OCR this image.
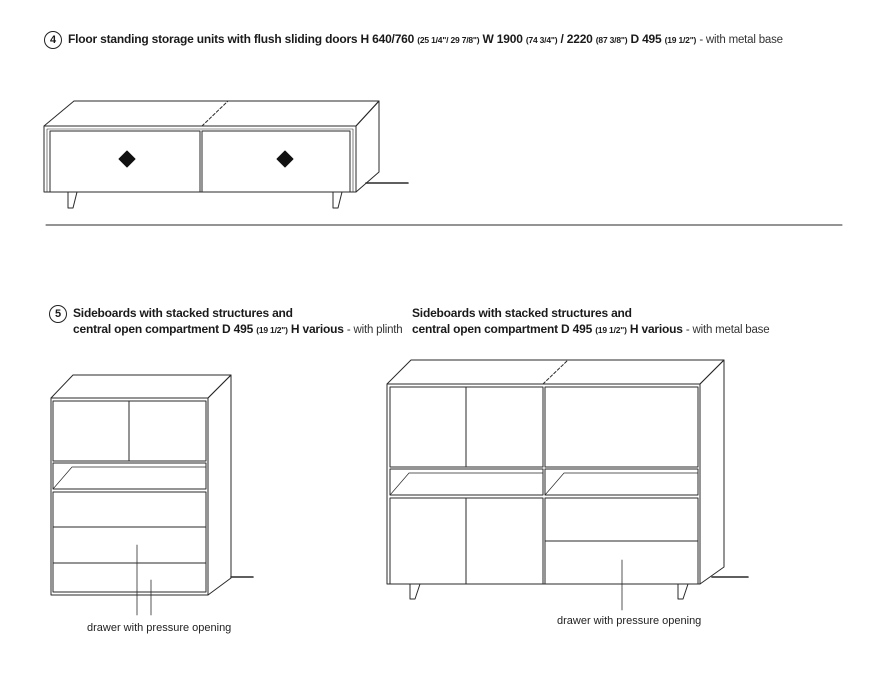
4 Floor standing storage units with flush sliding doors H 640/760 (25 1/4"/ 29 7/8") W 1900 (74 3/4") / 2220 (87 3/8") D 495 (19 1/2") - with metal base
5 Sideboards with stacked structures and
central open compartment D 495 (19 1/2") H various - with plinth
Sideboards with stacked structures and
central open compartment D 495 (19 1/2") H various - with metal base
drawer with pressure opening
drawer with pressure opening
